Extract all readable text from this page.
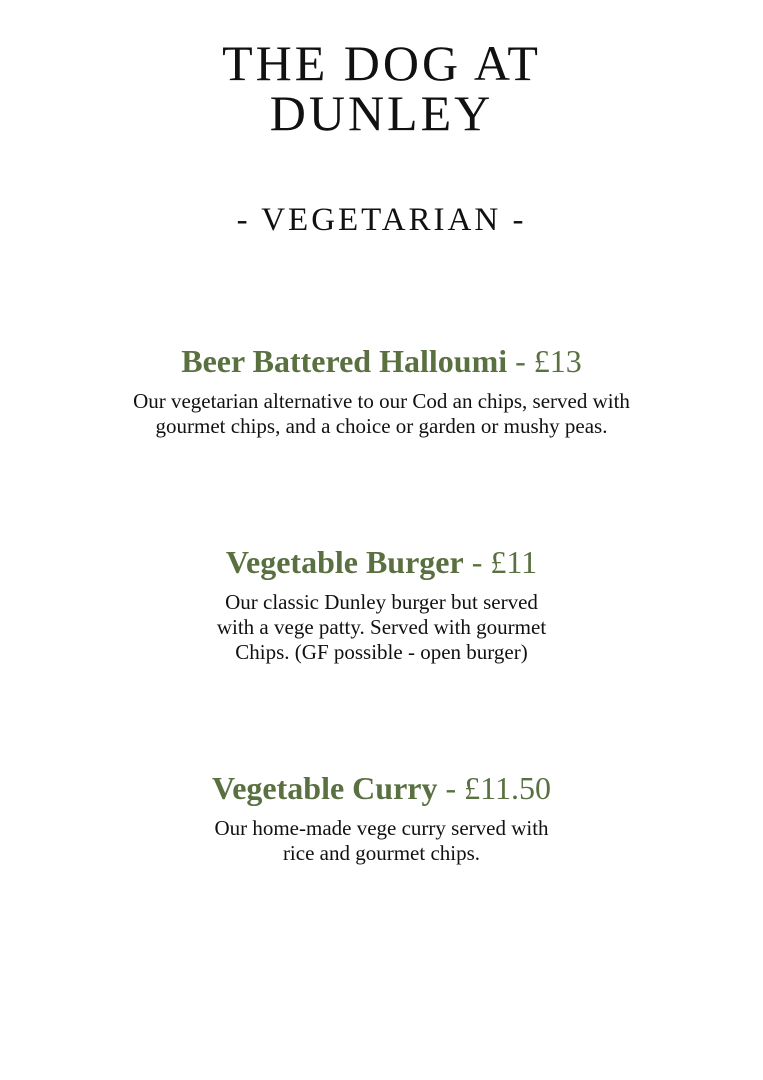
THE DOG AT
DUNLEY
- VEGETARIAN -
Beer Battered Halloumi - £13

Our vegetarian alternative to our Cod an chips, served with
gourmet chips, and a choice or garden or mushy peas.

Vegetable Burger - £11

Our classic Dunley burger but served
with a vege patty. Served with gourmet
Chips. (GF possible - open burger)

Vegetable Curry - £11.50

Our home-made vege curry served with
rice and gourmet chips.
